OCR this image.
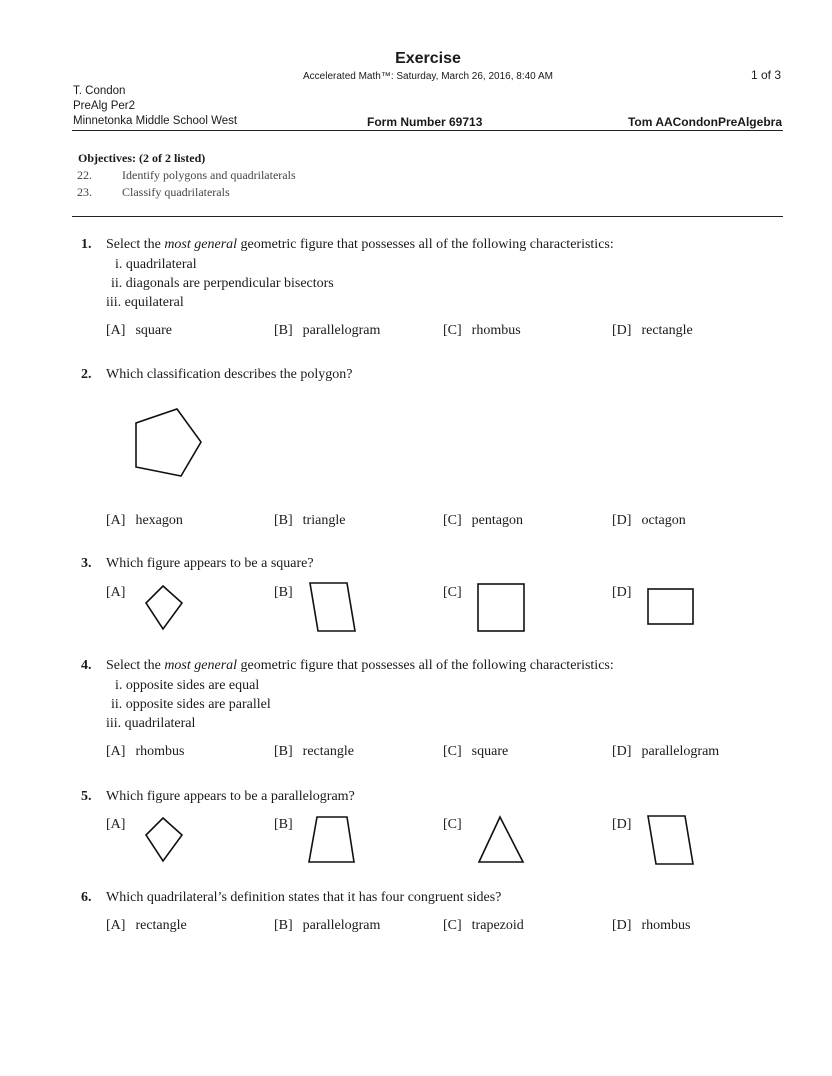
Exercise
Accelerated Math™: Saturday, March 26, 2016, 8:40 AM	1 of 3
T. Condon
PreAlg Per2
Minnetonka Middle School West	Form Number 69713	Tom AACondonPreAlgebra
Objectives: (2 of 2 listed)
22.	Identify polygons and quadrilaterals
23.	Classify quadrilaterals
1. Select the most general geometric figure that possesses all of the following characteristics:
i. quadrilateral
ii. diagonals are perpendicular bisectors
iii. equilateral
[A] square	[B] parallelogram	[C] rhombus	[D] rectangle
2. Which classification describes the polygon?
[A] hexagon	[B] triangle	[C] pentagon	[D] octagon
3. Which figure appears to be a square?
[A]	[B]	[C]	[D]
4. Select the most general geometric figure that possesses all of the following characteristics:
i. opposite sides are equal
ii. opposite sides are parallel
iii. quadrilateral
[A] rhombus	[B] rectangle	[C] square	[D] parallelogram
5. Which figure appears to be a parallelogram?
[A]	[B]	[C]	[D]
6. Which quadrilateral’s definition states that it has four congruent sides?
[A] rectangle	[B] parallelogram	[C] trapezoid	[D] rhombus
